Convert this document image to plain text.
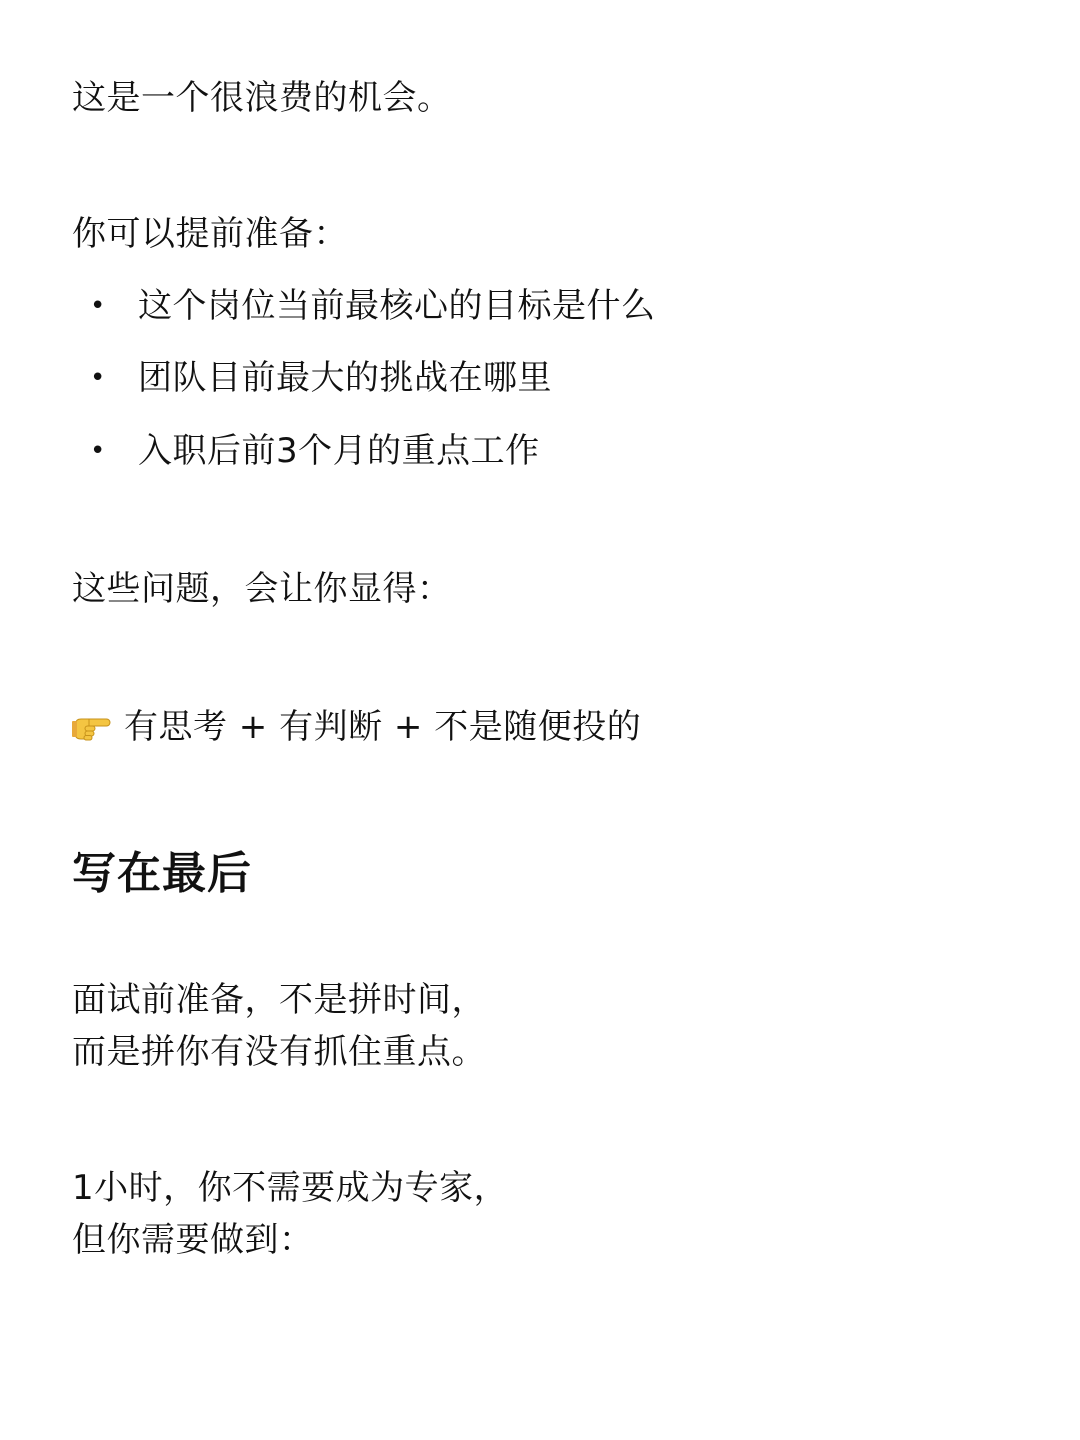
这是一个很浪费的机会。
你可以提前准备：
• 这个岗位当前最核心的目标是什么
• 团队目前最大的挑战在哪里
• 入职后前3个月的重点工作
这些问题，会让你显得：
有思考 + 有判断 + 不是随便投的
写在最后
面试前准备，不是拼时间，
而是拼你有没有抓住重点。
1小时，你不需要成为专家，
但你需要做到：
